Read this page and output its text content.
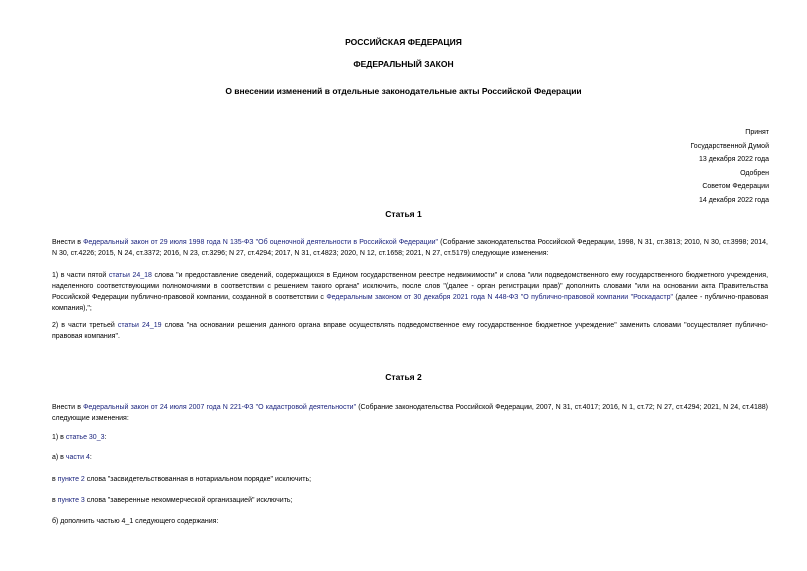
РОССИЙСКАЯ ФЕДЕРАЦИЯ
ФЕДЕРАЛЬНЫЙ ЗАКОН
О внесении изменений в отдельные законодательные акты Российской Федерации
Принят
Государственной Думой
13 декабря 2022 года
Одобрен
Советом Федерации
14 декабря 2022 года
Статья 1
Внести в Федеральный закон от 29 июля 1998 года N 135-ФЗ "Об оценочной деятельности в Российской Федерации" (Собрание законодательства Российской Федерации, 1998, N 31, ст.3813; 2010, N 30, ст.3998; 2014, N 30, ст.4226; 2015, N 24, ст.3372; 2016, N 23, ст.3296; N 27, ст.4294; 2017, N 31, ст.4823; 2020, N 12, ст.1658; 2021, N 27, ст.5179) следующие изменения:
1) в части пятой статьи 24_18 слова "и предоставление сведений, содержащихся в Едином государственном реестре недвижимости" и слова "или подведомственного ему государственного бюджетного учреждения, наделенного соответствующими полномочиями в соответствии с решением такого органа" исключить, после слов "(далее - орган регистрации прав)" дополнить словами "или на основании акта Правительства Российской Федерации публично-правовой компании, созданной в соответствии с Федеральным законом от 30 декабря 2021 года N 448-ФЗ "О публично-правовой компании "Роскадастр" (далее - публично-правовая компания),";
2) в части третьей статьи 24_19 слова "на основании решения данного органа вправе осуществлять подведомственное ему государственное бюджетное учреждение" заменить словами "осуществляет публично-правовая компания".
Статья 2
Внести в Федеральный закон от 24 июля 2007 года N 221-ФЗ "О кадастровой деятельности" (Собрание законодательства Российской Федерации, 2007, N 31, ст.4017; 2016, N 1, ст.72; N 27, ст.4294; 2021, N 24, ст.4188) следующие изменения:
1) в статье 30_3:
а) в части 4:
в пункте 2 слова "засвидетельствованная в нотариальном порядке" исключить;
в пункте 3 слова "заверенные некоммерческой организацией" исключить;
б) дополнить частью 4_1 следующего содержания:
